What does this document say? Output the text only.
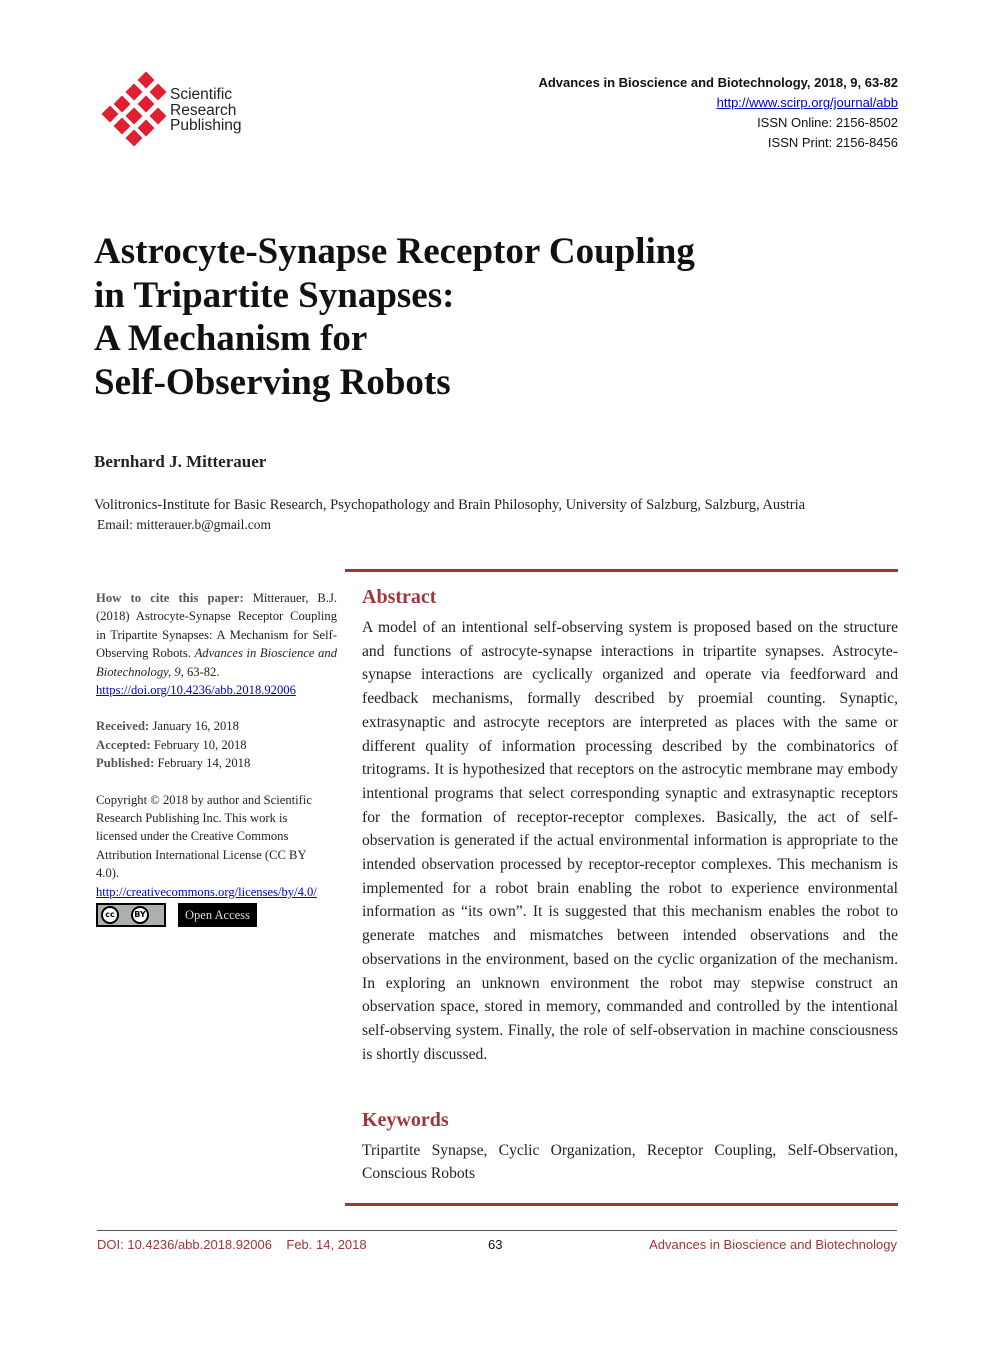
Scientific
Research
Publishing
Advances in Bioscience and Biotechnology, 2018, 9, 63-82
http://www.scirp.org/journal/abb
ISSN Online: 2156-8502
ISSN Print: 2156-8456
Astrocyte-Synapse Receptor Coupling
in Tripartite Synapses:
A Mechanism for
Self-Observing Robots
Bernhard J. Mitterauer
Volitronics-Institute for Basic Research, Psychopathology and Brain Philosophy, University of Salzburg, Salzburg, Austria
Email: mitterauer.b@gmail.com

How to cite this paper: Mitterauer, B.J. (2018) Astrocyte-Synapse Receptor Coupling in Tripartite Synapses: A Mechanism for Self-Observing Robots. Advances in Bioscience and Biotechnology, 9, 63-82.
https://doi.org/10.4236/abb.2018.92006

Received: January 16, 2018
Accepted: February 10, 2018
Published: February 14, 2018
Copyright © 2018 by author and Scientific Research Publishing Inc. This work is licensed under the Creative Commons Attribution International License (CC BY 4.0).
http://creativecommons.org/licenses/by/4.0/
cc	BY	Open Access
Abstract

A model of an intentional self-observing system is proposed based on the structure and functions of astrocyte-synapse interactions in tripartite synapses. Astrocyte-synapse interactions are cyclically organized and operate via feedforward and feedback mechanisms, formally described by proemial counting. Synaptic, extrasynaptic and astrocyte receptors are interpreted as places with the same or different quality of information processing described by the combinatorics of tritograms. It is hypothesized that receptors on the astrocytic membrane may embody intentional programs that select corresponding synaptic and extrasynaptic receptors for the formation of receptor-receptor complexes. Basically, the act of self-observation is generated if the actual environmental information is appropriate to the intended observation processed by receptor-receptor complexes. This mechanism is implemented for a robot brain enabling the robot to experience environmental information as “its own”. It is suggested that this mechanism enables the robot to generate matches and mismatches between intended observations and the observations in the environment, based on the cyclic organization of the mechanism. In exploring an unknown environment the robot may stepwise construct an observation space, stored in memory, commanded and controlled by the intentional self-observing system. Finally, the role of self-observation in machine consciousness is shortly discussed.

Keywords

Tripartite Synapse, Cyclic Organization, Receptor Coupling, Self-Observation, Conscious Robots

DOI: 10.4236/abb.2018.92006 Feb. 14, 2018	63	Advances in Bioscience and Biotechnology
